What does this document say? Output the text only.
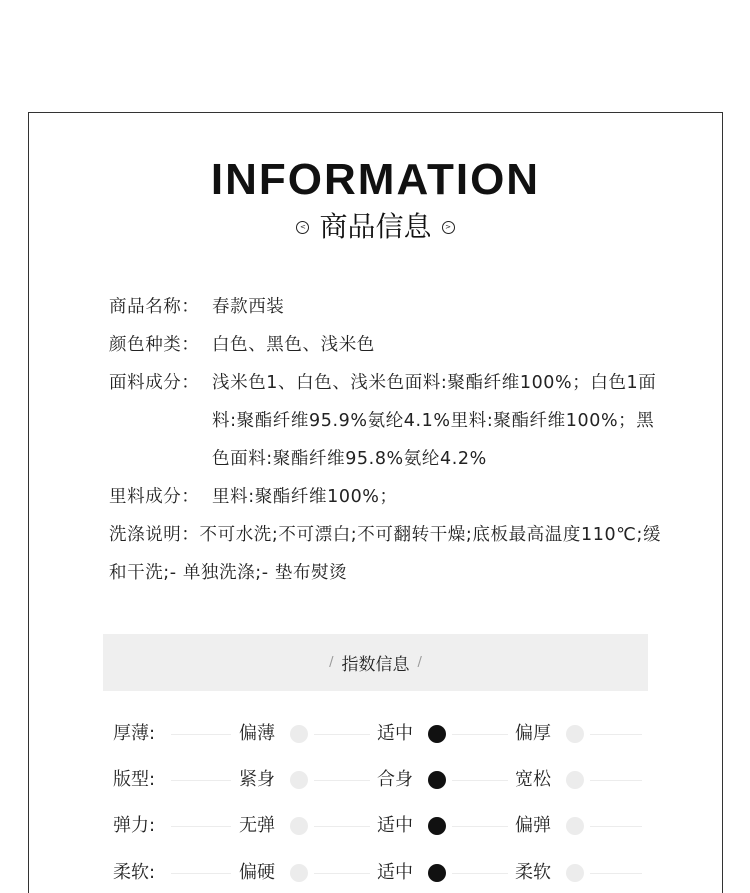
INFORMATION
< 商品信息 >
商品名称： 春款西装
颜色种类： 白色、黑色、浅米色
面料成分： 浅米色1、白色、浅米色面料:聚酯纤维100%；白色1面料:聚酯纤维95.9%氨纶4.1%里料:聚酯纤维100%；黑色面料:聚酯纤维95.8%氨纶4.2%
里料成分： 里料:聚酯纤维100%；
洗涤说明：不可水洗;不可漂白;不可翻转干燥;底板最高温度110℃;缓和干洗;- 单独洗涤;- 垫布熨烫
/ 指数信息 /
厚薄:	偏薄	适中	偏厚
版型:	紧身	合身	宽松
弹力:	无弹	适中	偏弹
柔软:	偏硬	适中	柔软
